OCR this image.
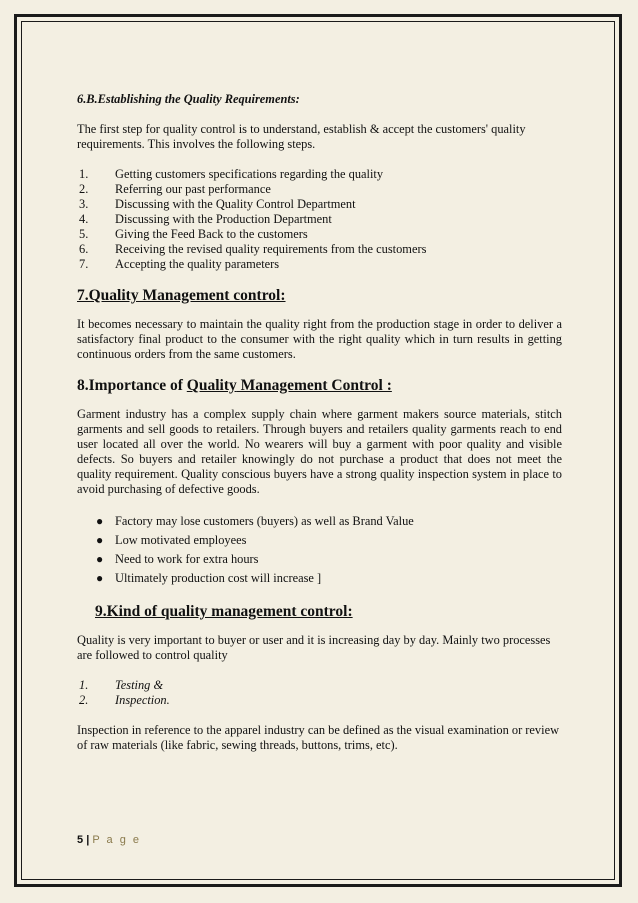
6.B.Establishing the Quality Requirements:

The first step for quality control is to understand, establish & accept the customers' quality requirements. This involves the following steps.

1.	Getting customers specifications regarding the quality
2.	Referring our past performance
3.	Discussing with the Quality Control Department
4.	Discussing with the Production Department
5.	Giving the Feed Back to the customers
6.	Receiving the revised quality requirements from the customers
7.	Accepting the quality parameters
7.Quality Management control:

It becomes necessary to maintain the quality right from the production stage in order to deliver a satisfactory final product to the consumer with the right quality which in turn results in getting continuous orders from the same customers.

8.Importance of Quality Management Control :

Garment industry has a complex supply chain where garment makers source materials, stitch garments and sell goods to retailers. Through buyers and retailers quality garments reach to end user located all over the world. No wearers will buy a garment with poor quality and visible defects. So buyers and retailer knowingly do not purchase a product that does not meet the quality requirement. Quality conscious buyers have a strong quality inspection system in place to avoid purchasing of defective goods.

● Factory may lose customers (buyers) as well as Brand Value
● Low motivated employees
● Need to work for extra hours
● Ultimately production cost will increase ]
9.Kind of quality management control:

Quality is very important to buyer or user and it is increasing day by day. Mainly two processes are followed to control quality

1.	Testing &
2.	Inspection.

Inspection in reference to the apparel industry can be defined as the visual examination or review of raw materials (like fabric, sewing threads, buttons, trims, etc).

5 | P a g e
